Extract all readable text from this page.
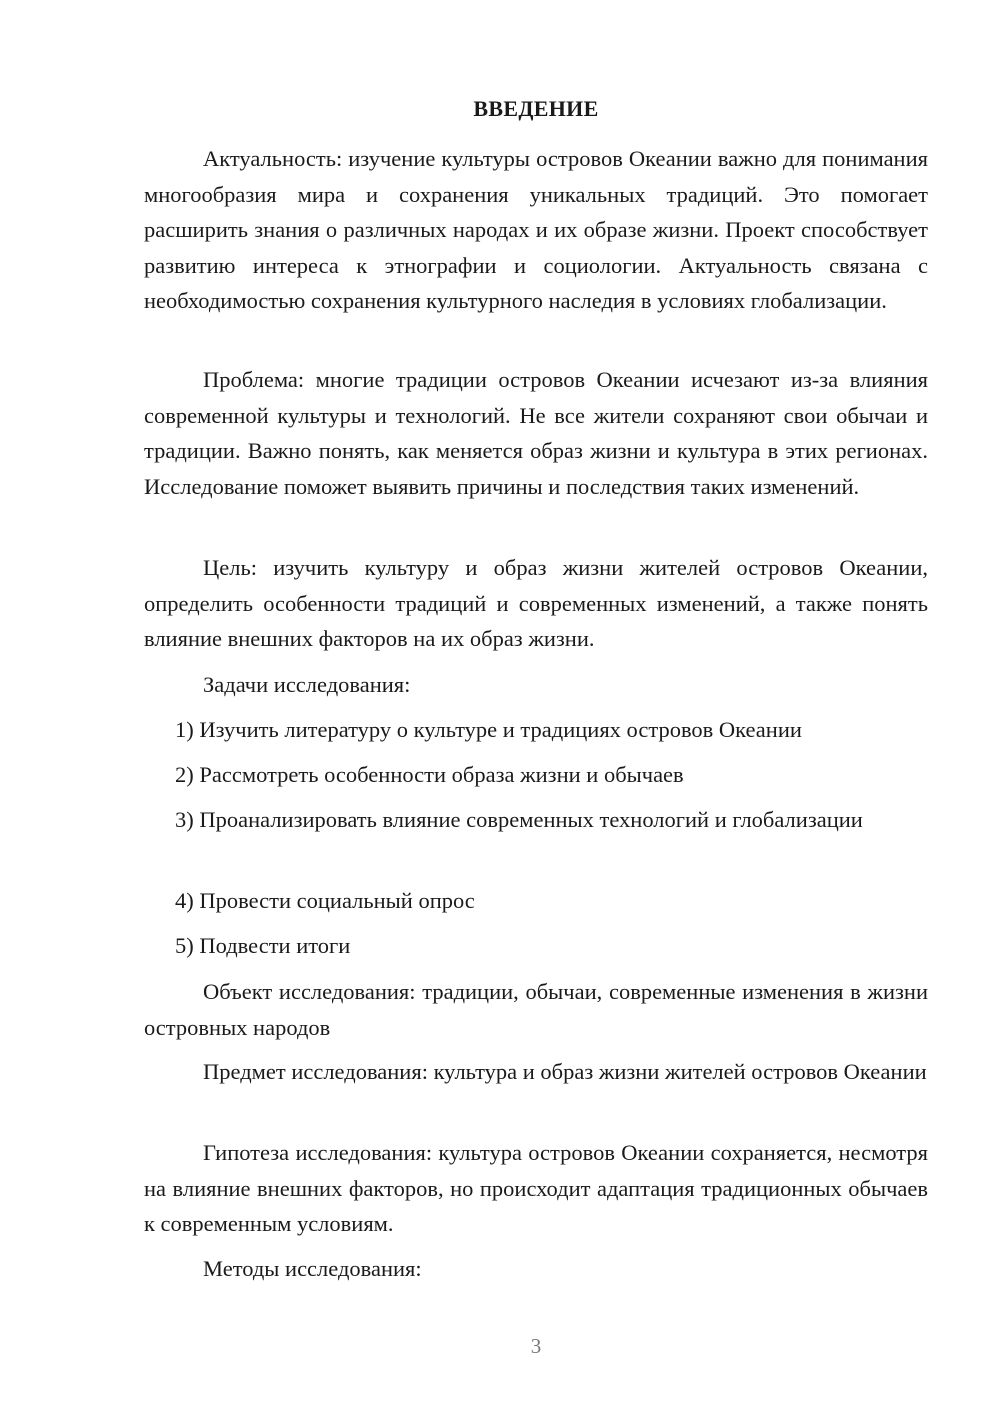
ВВЕДЕНИЕ
Актуальность: изучение культуры островов Океании важно для понимания многообразия мира и сохранения уникальных традиций. Это помогает расширить знания о различных народах и их образе жизни. Проект способствует развитию интереса к этнографии и социологии. Актуальность связана с необходимостью сохранения культурного наследия в условиях глобализации.
Проблема: многие традиции островов Океании исчезают из-за влияния современной культуры и технологий. Не все жители сохраняют свои обычаи и традиции. Важно понять, как меняется образ жизни и культура в этих регионах. Исследование поможет выявить причины и последствия таких изменений.
Цель: изучить культуру и образ жизни жителей островов Океании, определить особенности традиций и современных изменений, а также понять влияние внешних факторов на их образ жизни.
Задачи исследования:
1) Изучить литературу о культуре и традициях островов Океании
2) Рассмотреть особенности образа жизни и обычаев
3) Проанализировать влияние современных технологий и глобализации
4) Провести социальный опрос
5) Подвести итоги
Объект исследования: традиции, обычаи, современные изменения в жизни островных народов
Предмет исследования: культура и образ жизни жителей островов Океании
Гипотеза исследования: культура островов Океании сохраняется, несмотря на влияние внешних факторов, но происходит адаптация традиционных обычаев к современным условиям.
Методы исследования:
3
